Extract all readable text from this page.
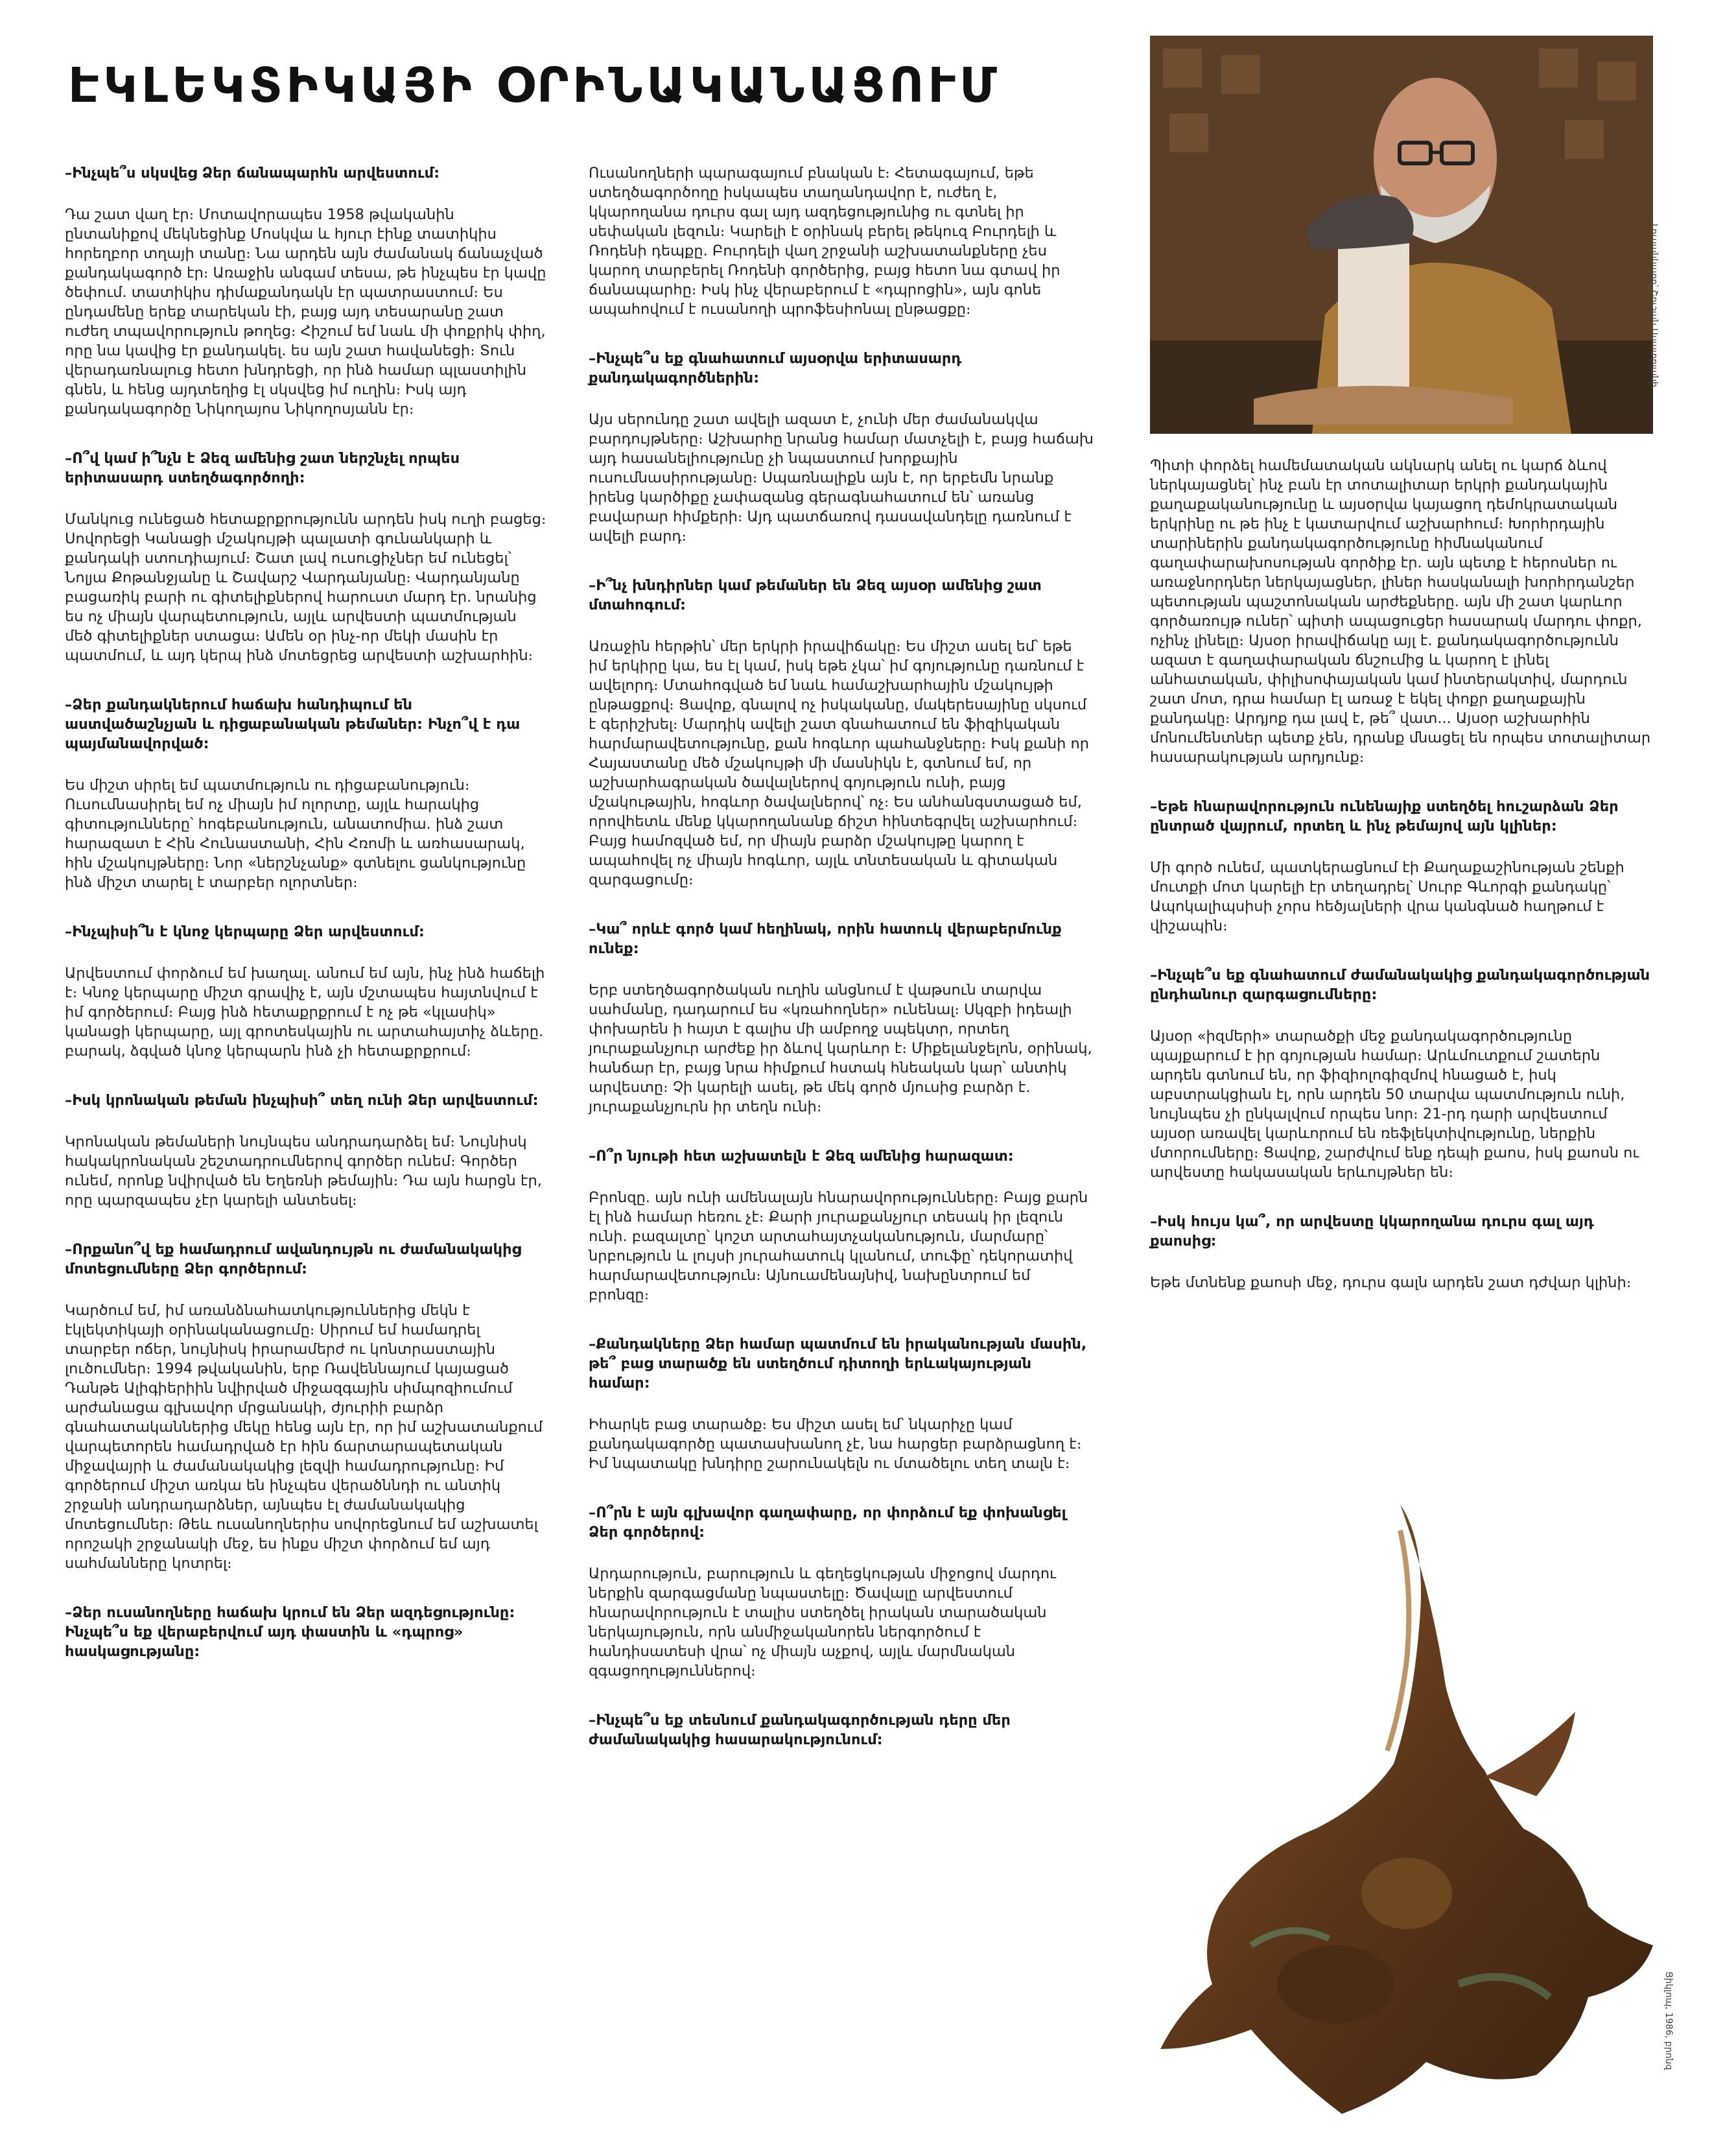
ԷԿԼԵԿՏԻԿԱՅԻ ՕՐԻՆԱԿԱՆԱՑՈՒՄ

–Ինչպե՞ս սկսվեց Ձեր ճանապարհն արվեստում:

Դա շատ վաղ էր։ Մոտավորապես 1958 թվականին ընտանիքով մեկնեցինք Մոսկվա և հյուր էինք տատիկիս հորեղբոր տղայի տանը։ Նա արդեն այն ժամանակ ճանաչված քանդակագործ էր։ Առաջին անգամ տեսա, թե ինչպես էր կավը ծեփում. տատիկիս դիմաքանդակն էր պատրաստում։ Ես ընդամենը երեք տարեկան էի, բայց այդ տեսարանը շատ ուժեղ տպավորություն թողեց։ Հիշում եմ նաև մի փոքրիկ փիղ, որը նա կավից էր քանդակել. ես այն շատ հավանեցի։ Տուն վերադառնալուց հետո խնդրեցի, որ ինձ համար պլաստիլին գնեն, և հենց այդտեղից էլ սկսվեց իմ ուղին։ Իսկ այդ քանդակագործը Նիկողայոս Նիկողոսյանն էր։

–Ո՞վ կամ ի՞նչն է Ձեզ ամենից շատ ներշնչել որպես երիտասարդ ստեղծագործողի:

Մանկուց ունեցած հետաքրքրությունն արդեն իսկ ուղի բացեց։ Սովորեցի Կանացի մշակույթի պալատի գունանկարի և քանդակի ստուդիայում։ Շատ լավ ուսուցիչներ եմ ունեցել՝ Նոլյա Քոթանջյանը և Շավարշ Վարդանյանը։ Վարդանյանը բացառիկ բարի ու գիտելիքներով հարուստ մարդ էր. նրանից ես ոչ միայն վարպետություն, այլև արվեստի պատմության մեծ գիտելիքներ ստացա։ Ամեն օր ինչ-որ մեկի մասին էր պատմում, և այդ կերպ ինձ մոտեցրեց արվեստի աշխարհին։

–Ձեր քանդակներում հաճախ հանդիպում են աստվածաշնչյան և դիցաբանական թեմաներ: Ինչո՞վ է դա պայմանավորված:

Ես միշտ սիրել եմ պատմություն ու դիցաբանություն։ Ուսումնասիրել եմ ոչ միայն իմ ոլորտը, այլև հարակից գիտությունները՝ հոգեբանություն, անատոմիա. ինձ շատ հարազատ է Հին Հունաստանի, Հին Հռոմի և առհասարակ, հին մշակույթները։ Նոր «ներշնչանք» գտնելու ցանկությունը ինձ միշտ տարել է տարբեր ոլորտներ։

–Ինչպիսի՞ն է կնոջ կերպարը Ձեր արվեստում:

Արվեստում փորձում եմ խաղալ. անում եմ այն, ինչ ինձ հաճելի է։ Կնոջ կերպարը միշտ գրավիչ է, այն մշտապես հայտնվում է իմ գործերում։ Բայց ինձ հետաքրքրում է ոչ թե «կլասիկ» կանացի կերպարը, այլ գրոտեսկային ու արտահայտիչ ձևերը. բարակ, ձգված կնոջ կերպարն ինձ չի հետաքրքրում։

–Իսկ կրոնական թեման ինչպիսի՞ տեղ ունի Ձեր արվեստում:

Կրոնական թեմաների նույնպես անդրադարձել եմ։ Նույնիսկ հակակրոնական շեշտադրումներով գործեր ունեմ։ Գործեր ունեմ, որոնք նվիրված են Եղեռնի թեմային։ Դա այն հարցն էր, որը պարզապես չէր կարելի անտեսել։

–Որքանո՞վ եք համադրում ավանդույթն ու ժամանակակից մոտեցումները Ձեր գործերում:

Կարծում եմ, իմ առանձնահատկություններից մեկն է էկլեկտիկայի օրինականացումը։ Սիրում եմ համադրել տարբեր ոճեր, նույնիսկ իրարամերժ ու կոնտրաստային լուծումներ։ 1994 թվականին, երբ Ռավեննայում կայացած Դանթե Ալիգիերիին նվիրված միջազգային սիմպոզիումում արժանացա գլխավոր մրցանակի, ժյուրիի բարձր գնահատականներից մեկը հենց այն էր, որ իմ աշխատանքում վարպետորեն համադրված էր հին ճարտարապետական միջավայրի և ժամանակակից լեզվի համադրությունը։ Իմ գործերում միշտ առկա են ինչպես վերածննդի ու անտիկ շրջանի անդրադարձներ, այնպես էլ ժամանակակից մոտեցումներ։ Թեև ուսանողներիս սովորեցնում եմ աշխատել որոշակի շրջանակի մեջ, ես ինքս միշտ փորձում եմ այդ սահմանները կոտրել։

–Ձեր ուսանողները հաճախ կրում են Ձեր ազդեցությունը: Ինչպե՞ս եք վերաբերվում այդ փաստին և «դպրոց» հասկացությանը:

Ուսանողների պարագայում բնական է։ Հետագայում, եթե ստեղծագործողը իսկապես տաղանդավոր է, ուժեղ է, կկարողանա դուրս գալ այդ ազդեցությունից ու գտնել իր սեփական լեզուն։ Կարելի է օրինակ բերել թեկուզ Բուրդելի և Ռոդենի դեպքը. Բուրդելի վաղ շրջանի աշխատանքները չես կարող տարբերել Ռոդենի գործերից, բայց հետո նա գտավ իր ճանապարհը։ Իսկ ինչ վերաբերում է «դպրոցին», այն գոնե ապահովում է ուսանողի պրոֆեսիոնալ ընթացքը։

–Ինչպե՞ս եք գնահատում այսօրվա երիտասարդ քանդակագործներին:

Այս սերունդը շատ ավելի ազատ է, չունի մեր ժամանակվա բարդույթները։ Աշխարհը նրանց համար մատչելի է, բայց հաճախ այդ հասանելիությունը չի նպաստում խորքային ուսումնասիրությանը։ Սպառնալիքն այն է, որ երբեմն նրանք իրենց կարծիքը չափազանց գերագնահատում են՝ առանց բավարար հիմքերի։ Այդ պատճառով դասավանդելը դառնում է ավելի բարդ։

–Ի՞նչ խնդիրներ կամ թեմաներ են Ձեզ այսօր ամենից շատ մտահոգում:

Առաջին հերթին՝ մեր երկրի իրավիճակը։ Ես միշտ ասել եմ՝ եթե իմ երկիրը կա, ես էլ կամ, իսկ եթե չկա՝ իմ գոյությունը դառնում է ավելորդ։ Մտահոգված եմ նաև համաշխարհային մշակույթի ընթացքով։ Ցավոք, գնալով ոչ իսկականը, մակերեսայինը սկսում է գերիշխել։ Մարդիկ ավելի շատ գնահատում են ֆիզիկական հարմարավետությունը, քան հոգևոր պահանջները։ Իսկ քանի որ Հայաստանը մեծ մշակույթի մի մասնիկն է, գտնում եմ, որ աշխարհագրական ծավալներով գոյություն ունի, բայց մշակութային, հոգևոր ծավալներով՝ ոչ։ Ես անհանգստացած եմ, որովհետև մենք կկարողանանք ճիշտ հինտեգրվել աշխարհում։ Բայց համոզված եմ, որ միայն բարձր մշակույթը կարող է ապահովել ոչ միայն հոգևոր, այլև տնտեսական և գիտական զարգացումը։

–Կա՞ որևէ գործ կամ հեղինակ, որին հատուկ վերաբերմունք ունեք:

Երբ ստեղծագործական ուղին անցնում է վաթսուն տարվա սահմանը, դադարում ես «կռահողներ» ունենալ։ Սկզբի իդեալի փոխարեն ի հայտ է գալիս մի ամբողջ սպեկտր, որտեղ յուրաքանչյուր արժեք իր ձևով կարևոր է։ Միքելանջելոն, օրինակ, հանճար էր, բայց նրա հիմքում հստակ հնեական կար՝ անտիկ արվեստը։ Չի կարելի ասել, թե մեկ գործ մյուսից բարձր է. յուրաքանչյուրն իր տեղն ունի։

–Ո՞ր նյութի հետ աշխատելն է Ձեզ ամենից հարազատ:

Բրոնզը. այն ունի ամենալայն հնարավորությունները։ Բայց քարն էլ ինձ համար հեռու չէ։ Քարի յուրաքանչյուր տեսակ իր լեզուն ունի. բազալտը՝ կոշտ արտահայտչականություն, մարմարը՝ նրբություն և լույսի յուրահատուկ կլանում, տուֆը՝ դեկորատիվ հարմարավետություն։ Այնուամենայնիվ, նախընտրում եմ բրոնզը։

–Քանդակները Ձեր համար պատմում են իրականության մասին, թե՞ բաց տարածք են ստեղծում դիտողի երևակայության համար:

Իհարկե բաց տարածք։ Ես միշտ ասել եմ՝ նկարիչը կամ քանդակագործը պատասխանող չէ, նա հարցեր բարձրացնող է։ Իմ նպատակը խնդիրը շարունակելն ու մտածելու տեղ տալն է։

–Ո՞րն է այն գլխավոր գաղափարը, որ փորձում եք փոխանցել Ձեր գործերով:

Արդարություն, բարություն և գեղեցկության միջոցով մարդու ներքին զարգացմանը նպաստելը։ Ծավալը արվեստում հնարավորություն է տալիս ստեղծել իրական տարածական ներկայություն, որն անմիջականորեն ներգործում է հանդիսատեսի վրա՝ ոչ միայն աչքով, այլև մարմնական զգացողություններով։

–Ինչպե՞ս եք տեսնում քանդակագործության դերը մեր ժամանակակից հասարակությունում:

Լուսանկարը՝ Շուշան Ասատրյանի

Պիտի փորձել համեմատական ակնարկ անել ու կարճ ձևով ներկայացնել՝ ինչ բան էր տոտալիտար երկրի քանդակային քաղաքականությունը և այսօրվա կայացող դեմոկրատական երկրինը ու թե ինչ է կատարվում աշխարհում։ Խորհրդային տարիներին քանդակագործությունը հիմնականում գաղափարախոսության գործիք էր. այն պետք է հերոսներ ու առաջնորդներ ներկայացներ, լիներ հասկանալի խորհրդանշեր պետության պաշտոնական արժեքները. այն մի շատ կարևոր գործառույթ ուներ՝ պիտի ապացուցեր հասարակ մարդու փոքր, ոչինչ լինելը։ Այսօր իրավիճակը այլ է. քանդակագործությունն ազատ է գաղափարական ճնշումից և կարող է լինել անհատական, փիլիսոփայական կամ ինտերակտիվ, մարդուն շատ մոտ, դրա համար էլ առաջ է եկել փոքր քաղաքային քանդակը։ Արդյոք դա լավ է, թե՞ վատ... Այսօր աշխարհին մոնումենտներ պետք չեն, դրանք մնացել են որպես տոտալիտար հասարակության արդյունք։

–Եթե հնարավորություն ունենայիք ստեղծել հուշարձան Ձեր ընտրած վայրում, որտեղ և ինչ թեմայով այն կլիներ:

Մի գործ ունեմ, պատկերացնում էի Քաղաքաշինության շենքի մուտքի մոտ կարելի էր տեղադրել՝ Սուրբ Գևորգի քանդակը՝ Ապոկալիպսիսի չորս հեծյալների վրա կանգնած հաղթում է վիշապին։

–Ինչպե՞ս եք գնահատում ժամանակակից քանդակագործության ընդհանուր զարգացումները:

Այսօր «իզմերի» տարածքի մեջ քանդակագործությունը պայքարում է իր գոյության համար։ Արևմուտքում շատերն արդեն գտնում են, որ ֆիզիոլոգիզմով հնացած է, իսկ աբստրակցիան էլ, որն արդեն 50 տարվա պատմություն ունի, նույնպես չի ընկալվում որպես նոր։ 21-րդ դարի արվեստում այսօր առավել կարևորում են ռեֆլեկտիվությունը, ներքին մտորումները։ Ցավոք, շարժվում ենք դեպի քաոս, իսկ քաոսն ու արվեստը հակասական երևույթներ են։

–Իսկ հույս կա՞, որ արվեստը կկարողանա դուրս գալ այդ քաոսից:

Եթե մտնենք քաոսի մեջ, դուրս գալն արդեն շատ դժվար կլինի։

Ցիկլոպ, 1986, բրոնզ
